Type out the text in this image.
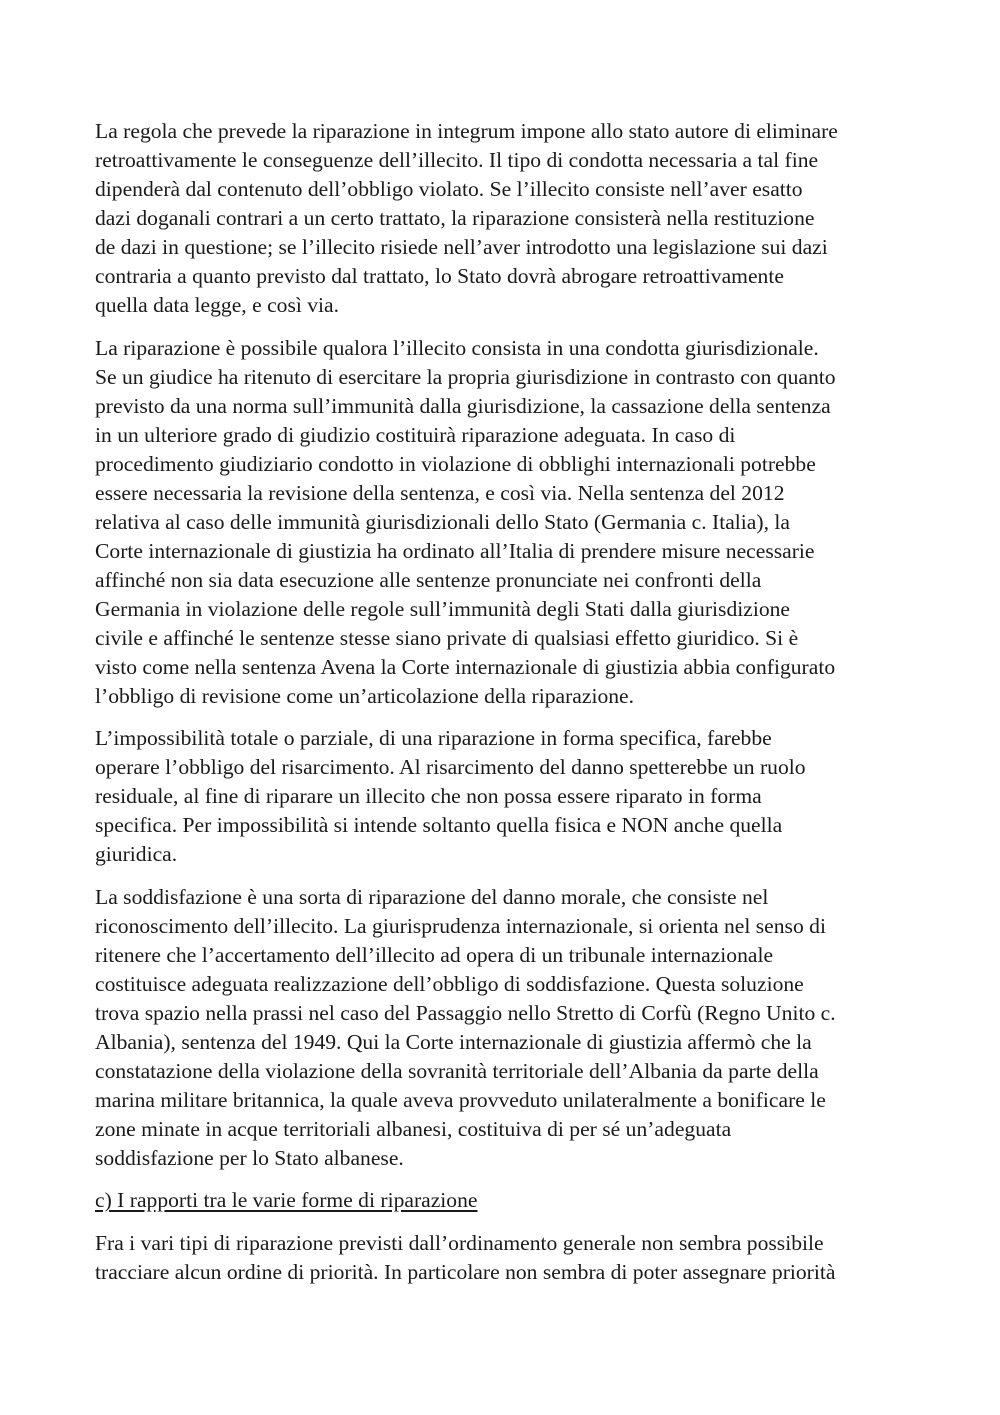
La regola che prevede la riparazione in integrum impone allo stato autore di eliminare
retroattivamente le conseguenze dell’illecito. Il tipo di condotta necessaria a tal fine
dipenderà dal contenuto dell’obbligo violato. Se l’illecito consiste nell’aver esatto
dazi doganali contrari a un certo trattato, la riparazione consisterà nella restituzione
de dazi in questione; se l’illecito risiede nell’aver introdotto una legislazione sui dazi
contraria a quanto previsto dal trattato, lo Stato dovrà abrogare retroattivamente
quella data legge, e così via.

La riparazione è possibile qualora l’illecito consista in una condotta giurisdizionale.
Se un giudice ha ritenuto di esercitare la propria giurisdizione in contrasto con quanto
previsto da una norma sull’immunità dalla giurisdizione, la cassazione della sentenza
in un ulteriore grado di giudizio costituirà riparazione adeguata. In caso di
procedimento giudiziario condotto in violazione di obblighi internazionali potrebbe
essere necessaria la revisione della sentenza, e così via. Nella sentenza del 2012
relativa al caso delle immunità giurisdizionali dello Stato (Germania c. Italia), la
Corte internazionale di giustizia ha ordinato all’Italia di prendere misure necessarie
affinché non sia data esecuzione alle sentenze pronunciate nei confronti della
Germania in violazione delle regole sull’immunità degli Stati dalla giurisdizione
civile e affinché le sentenze stesse siano private di qualsiasi effetto giuridico. Si è
visto come nella sentenza Avena la Corte internazionale di giustizia abbia configurato
l’obbligo di revisione come un’articolazione della riparazione.

L’impossibilità totale o parziale, di una riparazione in forma specifica, farebbe
operare l’obbligo del risarcimento. Al risarcimento del danno spetterebbe un ruolo
residuale, al fine di riparare un illecito che non possa essere riparato in forma
specifica. Per impossibilità si intende soltanto quella fisica e NON anche quella
giuridica.

La soddisfazione è una sorta di riparazione del danno morale, che consiste nel
riconoscimento dell’illecito. La giurisprudenza internazionale, si orienta nel senso di
ritenere che l’accertamento dell’illecito ad opera di un tribunale internazionale
costituisce adeguata realizzazione dell’obbligo di soddisfazione. Questa soluzione
trova spazio nella prassi nel caso del Passaggio nello Stretto di Corfù (Regno Unito c.
Albania), sentenza del 1949. Qui la Corte internazionale di giustizia affermò che la
constatazione della violazione della sovranità territoriale dell’Albania da parte della
marina militare britannica, la quale aveva provveduto unilateralmente a bonificare le
zone minate in acque territoriali albanesi, costituiva di per sé un’adeguata
soddisfazione per lo Stato albanese.

c) I rapporti tra le varie forme di riparazione

Fra i vari tipi di riparazione previsti dall’ordinamento generale non sembra possibile
tracciare alcun ordine di priorità. In particolare non sembra di poter assegnare priorità
